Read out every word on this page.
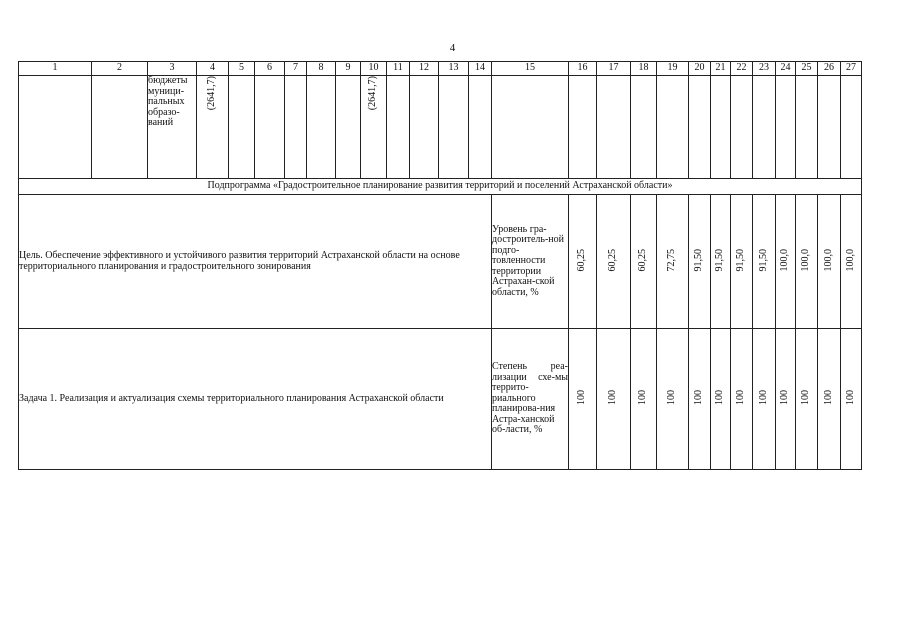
4
1	2	3	4	5	6	7	8	9	10	11	12	13	14	15	16	17	18	19	20	21	22	23	24	25	26	27
		бюджеты муници-пальных образо-ваний	(2641,7)						(2641,7)																	
Подпрограмма «Градостроительное планирование развития территорий и поселений Астраханской области»																										
Цель. Обеспечение эффективного и устойчивого развития территорий Астраханской области на основе территориального планирования и градостроительного зонирования														Уровень гра-достроитель-ной подго-товленности территории Астрахан-ской области, %	60,25	60,25	60,25	72,75	91,50	91,50	91,50	91,50	100,0	100,0	100,0	100,0
Задача 1. Реализация и актуализация схемы территориального планирования Астраханской области														Степень реа-лизации схе-мы террито-риального планирова-ния Астра-ханской об-ласти, %	100	100	100	100	100	100	100	100	100	100	100	100
